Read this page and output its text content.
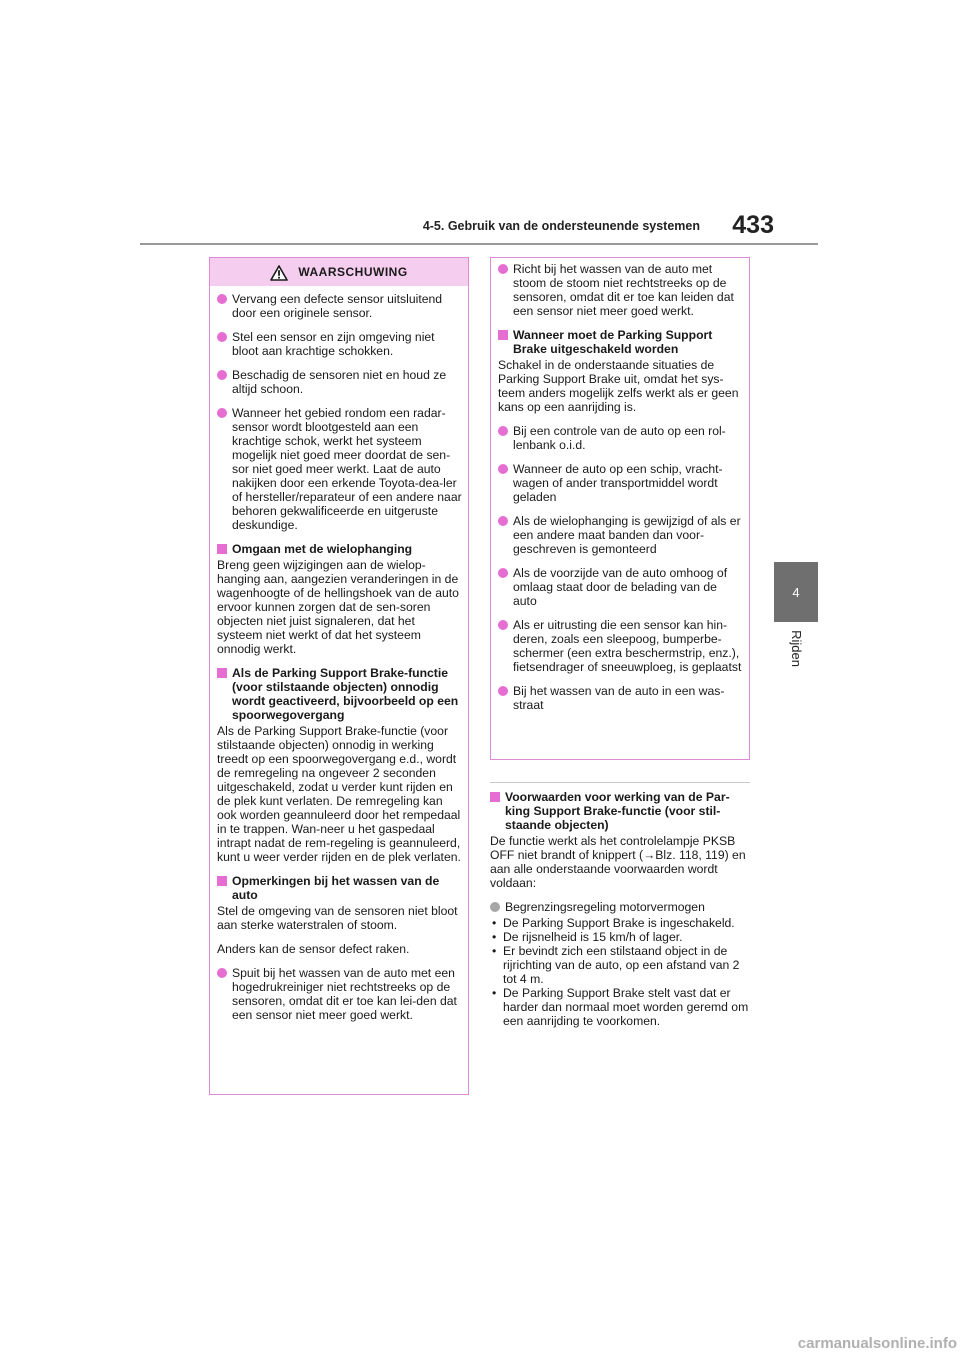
4-5. Gebruik van de ondersteunende systemen	433
4
Rijden
WAARSCHUWING
Vervang een defecte sensor uitsluitend door een originele sensor.
Stel een sensor en zijn omgeving niet bloot aan krachtige schokken.
Beschadig de sensoren niet en houd ze altijd schoon.
Wanneer het gebied rondom een radar-sensor wordt blootgesteld aan een krachtige schok, werkt het systeem mogelijk niet goed meer doordat de sen-sor niet goed meer werkt. Laat de auto nakijken door een erkende Toyota-dea-ler of hersteller/reparateur of een andere naar behoren gekwalificeerde en uitgeruste deskundige.
Omgaan met de wielophanging
Breng geen wijzigingen aan de wielop-hanging aan, aangezien veranderingen in de wagenhoogte of de hellingshoek van de auto ervoor kunnen zorgen dat de sen-soren objecten niet juist signaleren, dat het systeem niet werkt of dat het systeem onnodig werkt.
Als de Parking Support Brake-functie (voor stilstaande objecten) onnodig wordt geactiveerd, bijvoorbeeld op een spoorwegovergang
Als de Parking Support Brake-functie (voor stilstaande objecten) onnodig in werking treedt op een spoorwegovergang e.d., wordt de remregeling na ongeveer 2 seconden uitgeschakeld, zodat u verder kunt rijden en de plek kunt verlaten. De remregeling kan ook worden geannuleerd door het rempedaal in te trappen. Wan-neer u het gaspedaal intrapt nadat de rem-regeling is geannuleerd, kunt u weer verder rijden en de plek verlaten.
Opmerkingen bij het wassen van de auto
Stel de omgeving van de sensoren niet bloot aan sterke waterstralen of stoom.
Anders kan de sensor defect raken.
Spuit bij het wassen van de auto met een hogedrukreiniger niet rechtstreeks op de sensoren, omdat dit er toe kan lei-den dat een sensor niet meer goed werkt.
Richt bij het wassen van de auto met stoom de stoom niet rechtstreeks op de sensoren, omdat dit er toe kan leiden dat een sensor niet meer goed werkt.
Wanneer moet de Parking Support Brake uitgeschakeld worden
Schakel in de onderstaande situaties de Parking Support Brake uit, omdat het sys-teem anders mogelijk zelfs werkt als er geen kans op een aanrijding is.
Bij een controle van de auto op een rol-lenbank o.i.d.
Wanneer de auto op een schip, vracht-wagen of ander transportmiddel wordt geladen
Als de wielophanging is gewijzigd of als er een andere maat banden dan voor-geschreven is gemonteerd
Als de voorzijde van de auto omhoog of omlaag staat door de belading van de auto
Als er uitrusting die een sensor kan hin-deren, zoals een sleepoog, bumperbe-schermer (een extra beschermstrip, enz.), fietsendrager of sneeuwploeg, is geplaatst
Bij het wassen van de auto in een was-straat
Voorwaarden voor werking van de Par-king Support Brake-functie (voor stil-staande objecten)
De functie werkt als het controlelampje PKSB OFF niet brandt of knippert (→Blz. 118, 119) en aan alle onderstaande voorwaarden wordt voldaan:
Begrenzingsregeling motorvermogen
• De Parking Support Brake is ingeschakeld.
• De rijsnelheid is 15 km/h of lager.
• Er bevindt zich een stilstaand object in de rijrichting van de auto, op een afstand van 2 tot 4 m.
• De Parking Support Brake stelt vast dat er harder dan normaal moet worden geremd om een aanrijding te voorkomen.
carmanualsonline.info
